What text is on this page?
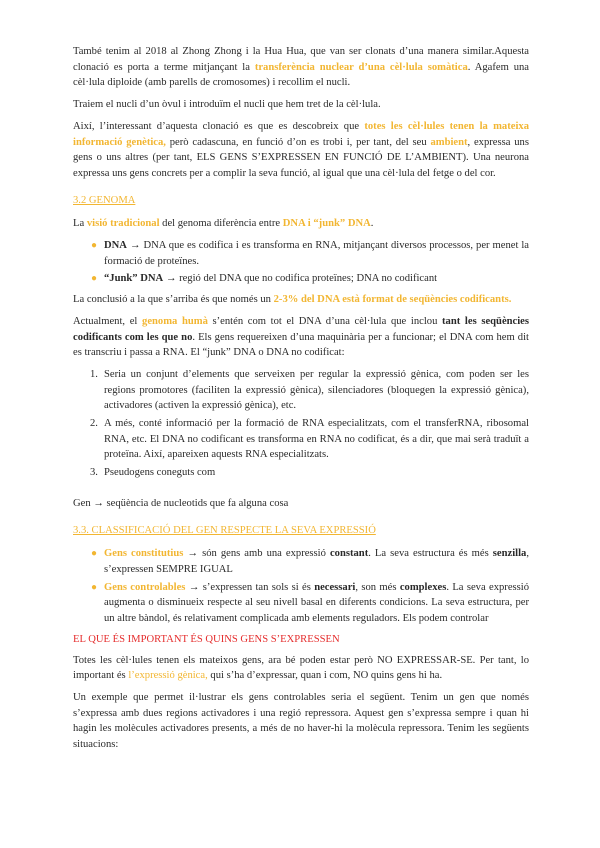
També tenim al 2018 al Zhong Zhong i la Hua Hua, que van ser clonats d’una manera similar.Aquesta clonació es porta a terme mitjançant la transferència nuclear d’una cèl·lula somàtica. Agafem una cèl·lula diploide (amb parells de cromosomes) i recollim el nucli.

Traiem el nucli d’un òvul i introduïm el nucli que hem tret de la cèl·lula.

Així, l’interessant d’aquesta clonació es que es descobreix que totes les cèl·lules tenen la mateixa informació genètica, però cadascuna, en funció d’on es trobi i, per tant, del seu ambient, expressa uns gens o uns altres (per tant, ELS GENS S’EXPRESSEN EN FUNCIÓ DE L’AMBIENT). Una neurona expressa uns gens concrets per a complir la seva funció, al igual que una cèl·lula del fetge o del cor.

3.2 GENOMA

La visió tradicional del genoma diferència entre DNA i “junk” DNA.

● DNA → DNA que es codifica i es transforma en RNA, mitjançant diversos processos, per menet la formació de proteïnes.
● “Junk” DNA → regió del DNA que no codifica proteïnes; DNA no codificant

La conclusió a la que s’arriba és que només un 2-3% del DNA està format de seqüències codificants.

Actualment, el genoma humà s’entén com tot el DNA d’una cèl·lula que inclou tant les seqüències codificants com les que no. Els gens requereixen d’una maquinària per a funcionar; el DNA com hem dit es transcriu i passa a RNA. El “junk” DNA o DNA no codificat:

1. Seria un conjunt d’elements que serveixen per regular la expressió gènica, com poden ser les regions promotores (faciliten la expressió gènica), silenciadores (bloquegen la expressió gènica), activadores (activen la expressió gènica), etc.
2. A més, conté informació per la formació de RNA especialitzats, com el transferRNA, ribosomal RNA, etc. El DNA no codificant es transforma en RNA no codificat, és a dir, que mai serà traduït a proteïna. Així, apareixen aquests RNA especialitzats.
3. Pseudogens coneguts com

Gen → seqüència de nucleotids que fa alguna cosa

3.3. CLASSIFICACIÓ DEL GEN RESPECTE LA SEVA EXPRESSIÓ
● Gens constitutius → són gens amb una expressió constant. La seva estructura és més senzilla, s’expressen SEMPRE IGUAL
● Gens controlables → s’expressen tan sols si és necessari, son més complexes. La seva expressió augmenta o disminueix respecte al seu nivell basal en diferents condicions. La seva estructura, per un altre bàndol, és relativament complicada amb elements reguladors. Els podem controlar
EL QUE ÉS IMPORTANT ÉS QUINS GENS S’EXPRESSEN

Totes les cèl·lules tenen els mateixos gens, ara bé poden estar però NO EXPRESSAR-SE. Per tant, lo important és l’expressió gènica, qui s’ha d’expressar, quan i com, NO quins gens hi ha.

Un exemple que permet il·lustrar els gens controlables seria el següent. Tenim un gen que només s’expressa amb dues regions activadores i una regió repressora. Aquest gen s’expressa sempre i quan hi hagin les molècules activadores presents, a més de no haver-hi la molècula repressora. Tenim les següents situacions:
